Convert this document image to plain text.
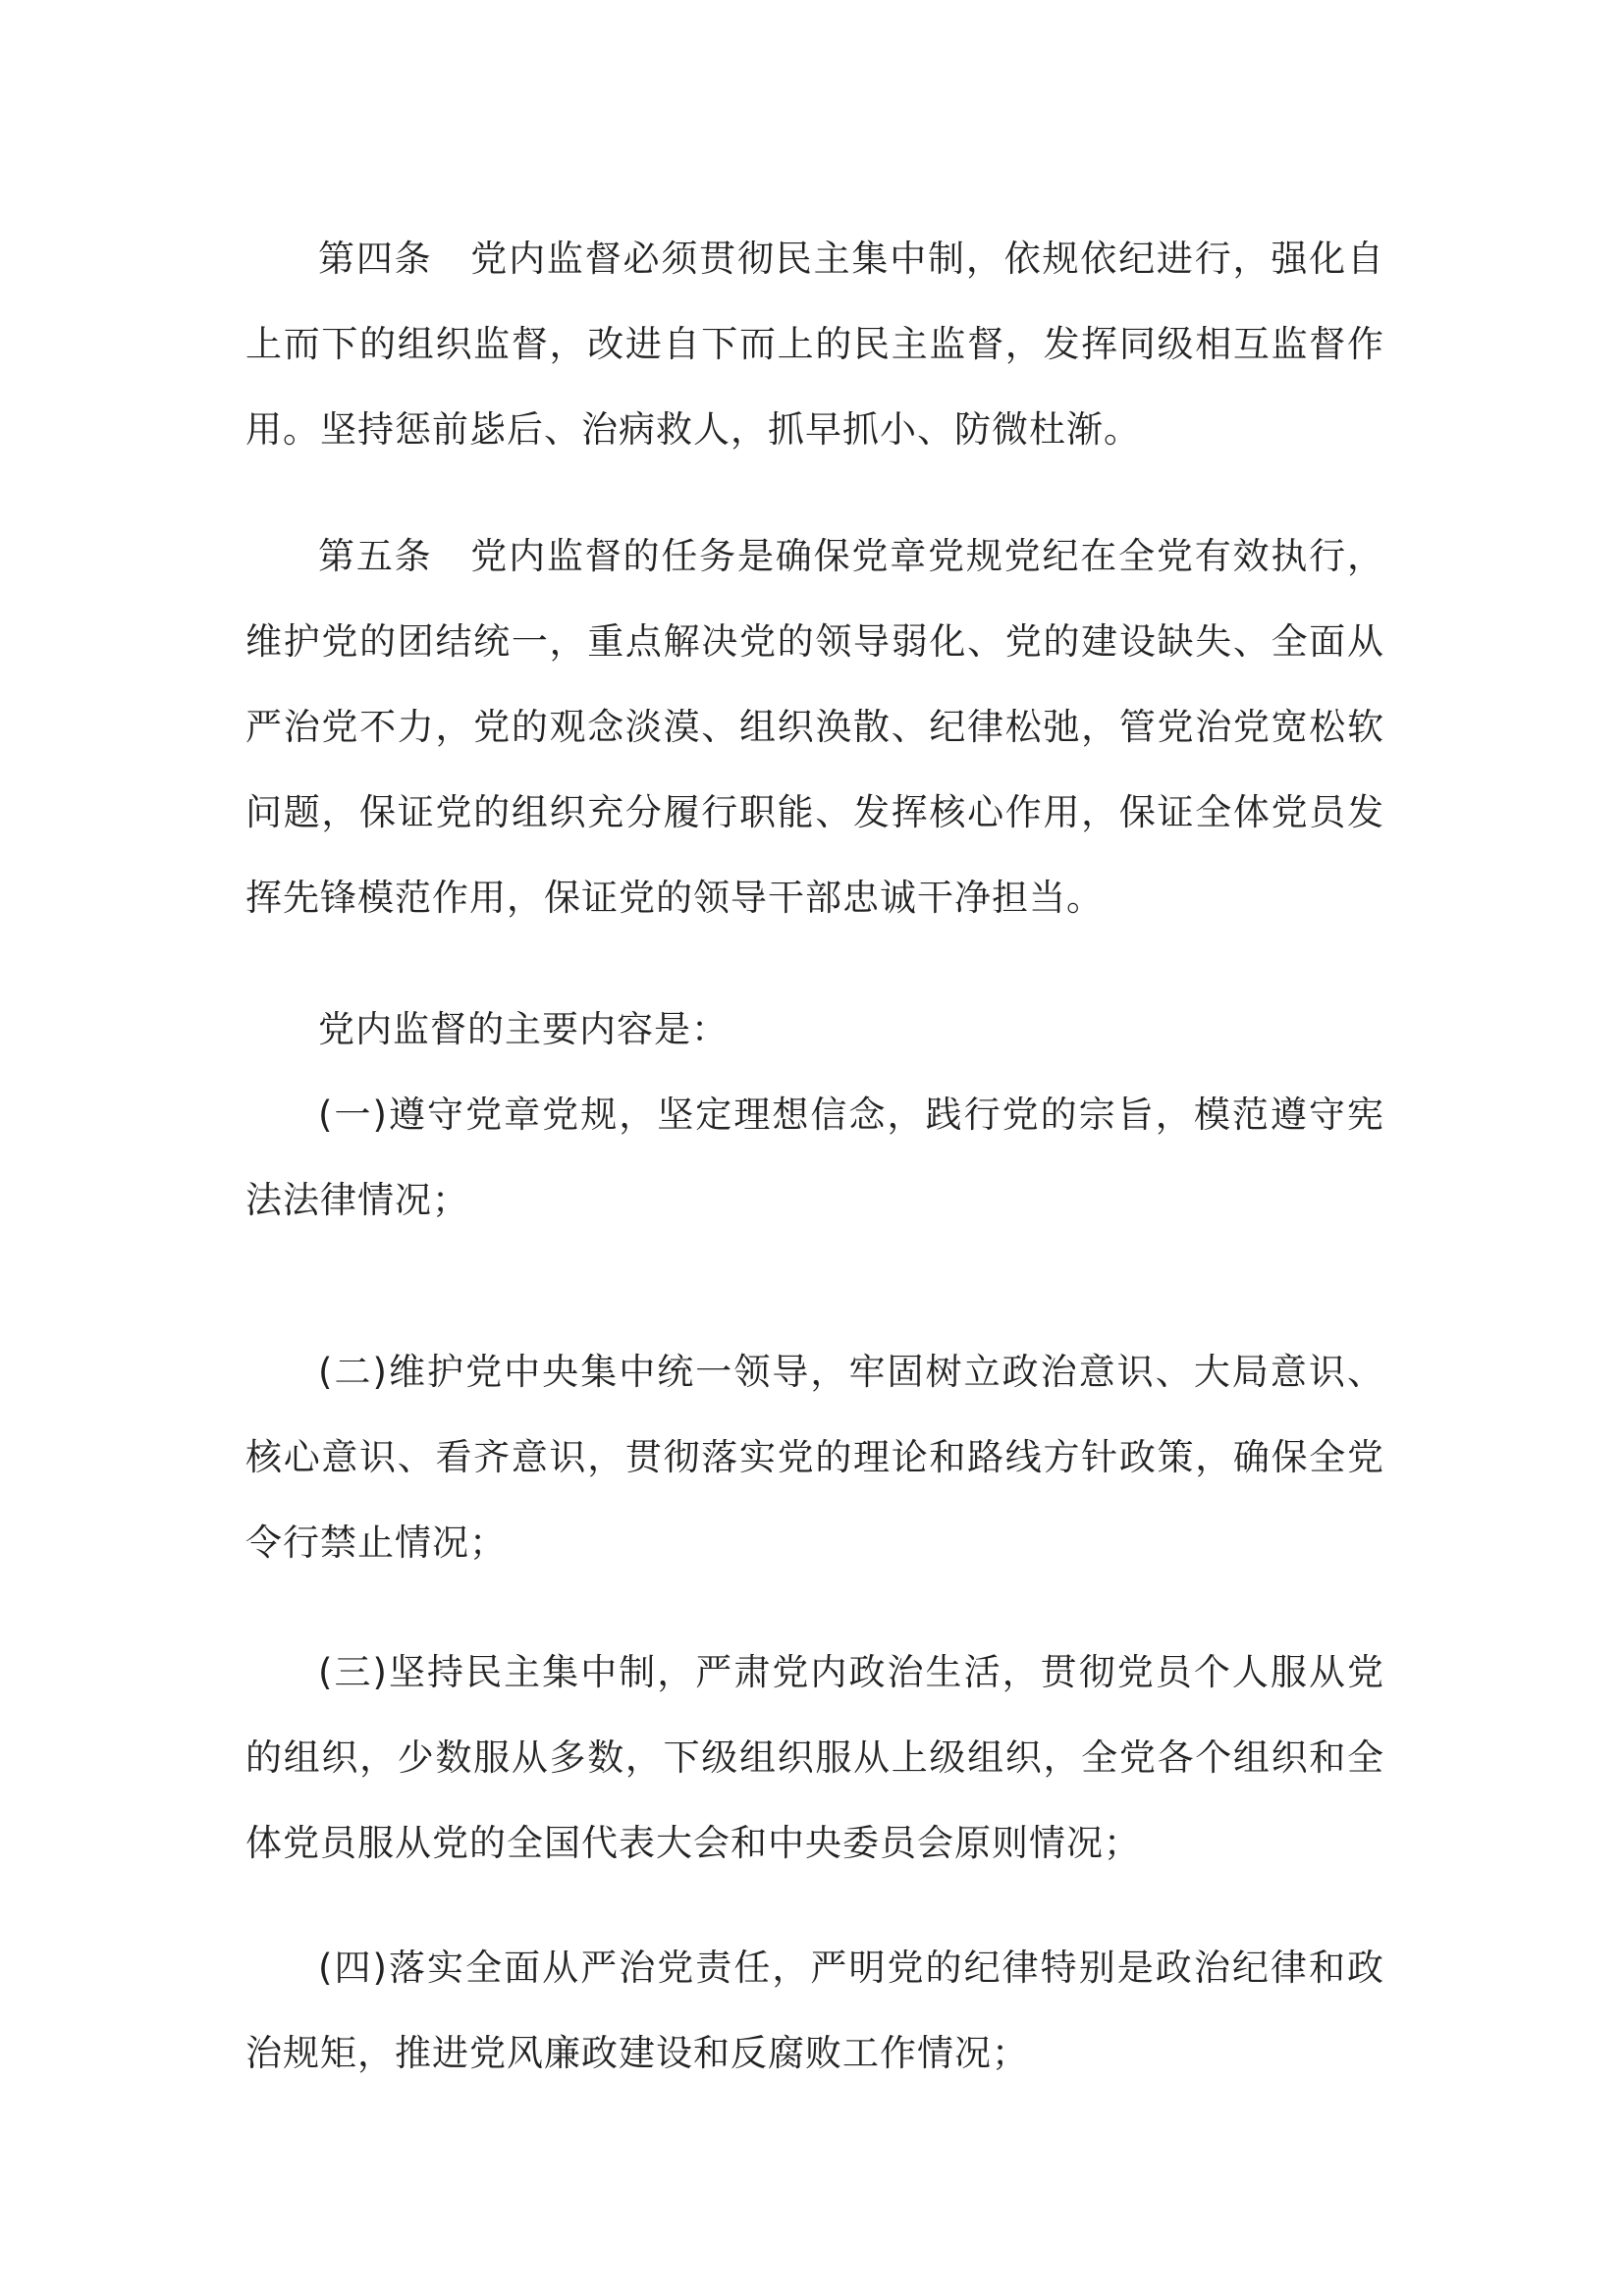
第四条　党内监督必须贯彻民主集中制，依规依纪进行，强化自上而下的组织监督，改进自下而上的民主监督，发挥同级相互监督作用。坚持惩前毖后、治病救人，抓早抓小、防微杜渐。

第五条　党内监督的任务是确保党章党规党纪在全党有效执行，维护党的团结统一，重点解决党的领导弱化、党的建设缺失、全面从严治党不力，党的观念淡漠、组织涣散、纪律松弛，管党治党宽松软问题，保证党的组织充分履行职能、发挥核心作用，保证全体党员发挥先锋模范作用，保证党的领导干部忠诚干净担当。

党内监督的主要内容是：

(一)遵守党章党规，坚定理想信念，践行党的宗旨，模范遵守宪法法律情况；

(二)维护党中央集中统一领导，牢固树立政治意识、大局意识、核心意识、看齐意识，贯彻落实党的理论和路线方针政策，确保全党令行禁止情况；

(三)坚持民主集中制，严肃党内政治生活，贯彻党员个人服从党的组织，少数服从多数，下级组织服从上级组织，全党各个组织和全体党员服从党的全国代表大会和中央委员会原则情况；

(四)落实全面从严治党责任，严明党的纪律特别是政治纪律和政治规矩，推进党风廉政建设和反腐败工作情况；
